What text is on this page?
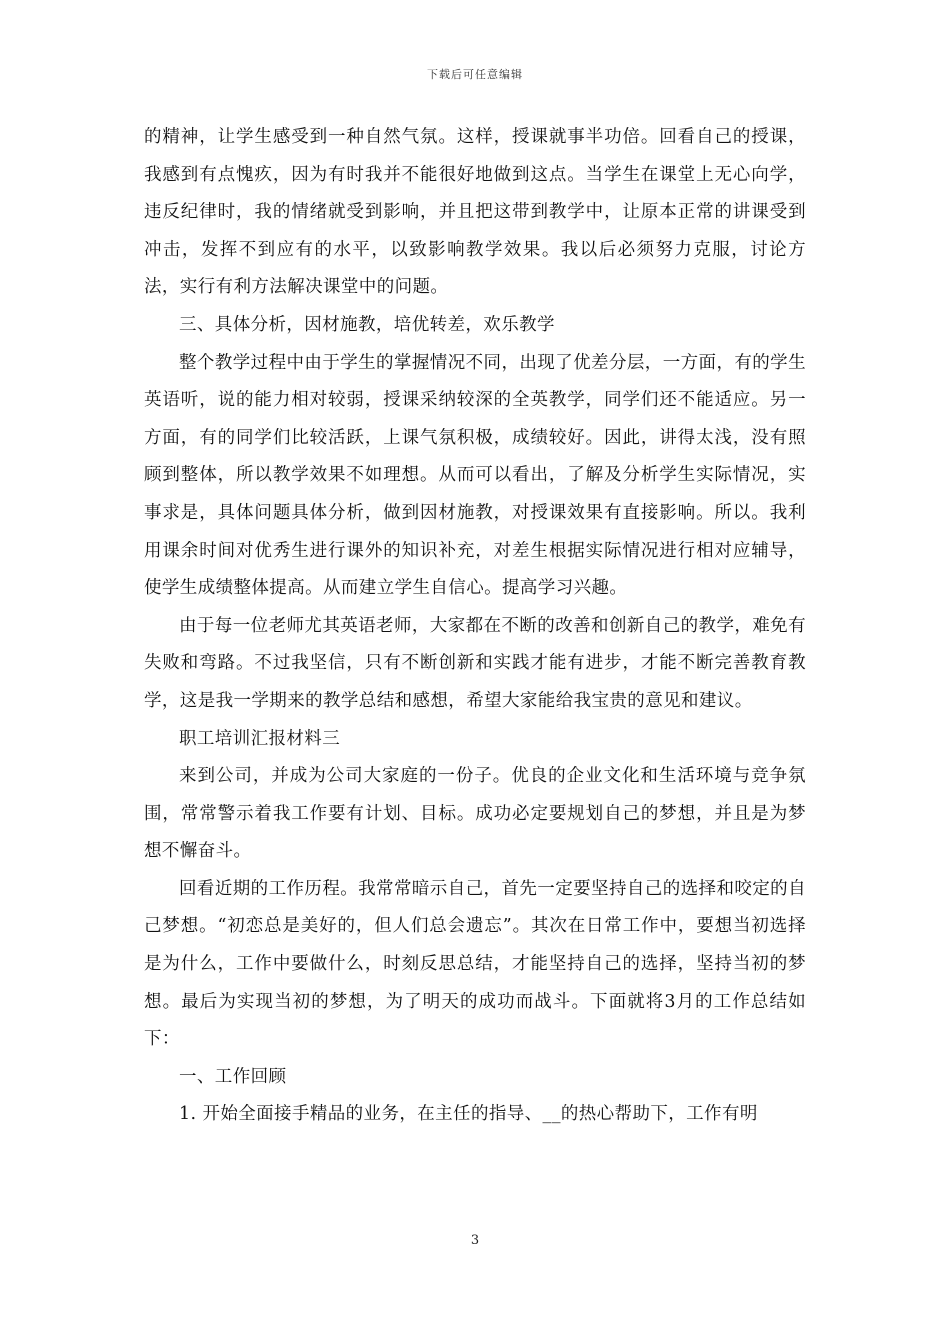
下载后可任意编辑

的精神，让学生感受到一种自然气氛。这样，授课就事半功倍。回看自己的授课，我感到有点愧疚，因为有时我并不能很好地做到这点。当学生在课堂上无心向学，违反纪律时，我的情绪就受到影响，并且把这带到教学中，让原本正常的讲课受到冲击，发挥不到应有的水平，以致影响教学效果。我以后必须努力克服，讨论方法，实行有利方法解决课堂中的问题。

三、具体分析，因材施教，培优转差，欢乐教学

整个教学过程中由于学生的掌握情况不同，出现了优差分层，一方面，有的学生英语听，说的能力相对较弱，授课采纳较深的全英教学，同学们还不能适应。另一方面，有的同学们比较活跃，上课气氛积极，成绩较好。因此，讲得太浅，没有照顾到整体，所以教学效果不如理想。从而可以看出，了解及分析学生实际情况，实事求是，具体问题具体分析，做到因材施教，对授课效果有直接影响。所以。我利用课余时间对优秀生进行课外的知识补充，对差生根据实际情况进行相对应辅导，使学生成绩整体提高。从而建立学生自信心。提高学习兴趣。

由于每一位老师尤其英语老师，大家都在不断的改善和创新自己的教学，难免有失败和弯路。不过我坚信，只有不断创新和实践才能有进步，才能不断完善教育教学，这是我一学期来的教学总结和感想，希望大家能给我宝贵的意见和建议。

职工培训汇报材料三

来到公司，并成为公司大家庭的一份子。优良的企业文化和生活环境与竞争氛围，常常警示着我工作要有计划、目标。成功必定要规划自己的梦想，并且是为梦想不懈奋斗。

回看近期的工作历程。我常常暗示自己，首先一定要坚持自己的选择和咬定的自己梦想。“初恋总是美好的，但人们总会遗忘”。其次在日常工作中，要想当初选择是为什么，工作中要做什么，时刻反思总结，才能坚持自己的选择，坚持当初的梦想。最后为实现当初的梦想，为了明天的成功而战斗。下面就将3月的工作总结如下：

一、工作回顾

1. 开始全面接手精品的业务，在主任的指导、__的热心帮助下，工作有明

3
